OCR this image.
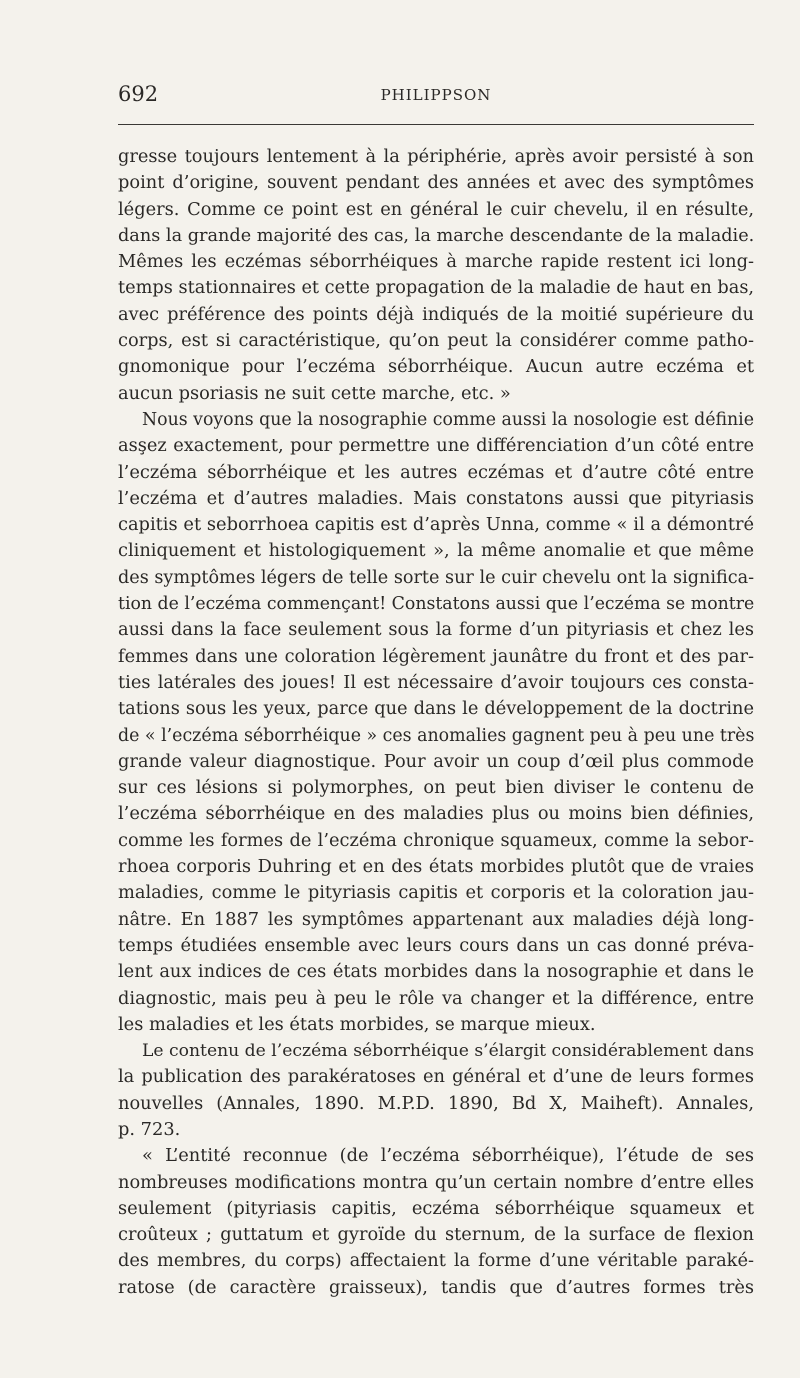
692	PHILIPPSON
gresse toujours lentement à la périphérie, après avoir persisté à son
point d’origine, souvent pendant des années et avec des symptômes
légers. Comme ce point est en général le cuir chevelu, il en résulte,
dans la grande majorité des cas, la marche descendante de la maladie.
Mêmes les eczémas séborrhéiques à marche rapide restent ici long-
temps stationnaires et cette propagation de la maladie de haut en bas,
avec préférence des points déjà indiqués de la moitié supérieure du
corps, est si caractéristique, qu’on peut la considérer comme patho-
gnomonique pour l’eczéma séborrhéique. Aucun autre eczéma et
aucun psoriasis ne suit cette marche, etc. »
Nous voyons que la nosographie comme aussi la nosologie est définie
asşez exactement, pour permettre une différenciation d’un côté entre
l’eczéma séborrhéique et les autres eczémas et d’autre côté entre
l’eczéma et d’autres maladies. Mais constatons aussi que pityriasis
capitis et seborrhoea capitis est d’après Unna, comme « il a démontré
cliniquement et histologiquement », la même anomalie et que même
des symptômes légers de telle sorte sur le cuir chevelu ont la significa-
tion de l’eczéma commençant! Constatons aussi que l’eczéma se montre
aussi dans la face seulement sous la forme d’un pityriasis et chez les
femmes dans une coloration légèrement jaunâtre du front et des par-
ties latérales des joues! Il est nécessaire d’avoir toujours ces consta-
tations sous les yeux, parce que dans le développement de la doctrine
de « l’eczéma séborrhéique » ces anomalies gagnent peu à peu une très
grande valeur diagnostique. Pour avoir un coup d’œil plus commode
sur ces lésions si polymorphes, on peut bien diviser le contenu de
l’eczéma séborrhéique en des maladies plus ou moins bien définies,
comme les formes de l’eczéma chronique squameux, comme la sebor-
rhoea corporis Duhring et en des états morbides plutôt que de vraies
maladies, comme le pityriasis capitis et corporis et la coloration jau-
nâtre. En 1887 les symptômes appartenant aux maladies déjà long-
temps étudiées ensemble avec leurs cours dans un cas donné préva-
lent aux indices de ces états morbides dans la nosographie et dans le
diagnostic, mais peu à peu le rôle va changer et la différence, entre
les maladies et les états morbides, se marque mieux.
Le contenu de l’eczéma séborrhéique s’élargit considérablement dans
la publication des parakératoses en général et d’une de leurs formes
nouvelles (Annales, 1890. M.P.D. 1890, Bd X, Maiheft). Annales,
p. 723.
« L’entité reconnue (de l’eczéma séborrhéique), l’étude de ses
nombreuses modifications montra qu’un certain nombre d’entre elles
seulement (pityriasis capitis, eczéma séborrhéique squameux et
croûteux ; guttatum et gyroïde du sternum, de la surface de flexion
des membres, du corps) affectaient la forme d’une véritable paraké-
ratose (de caractère graisseux), tandis que d’autres formes très
